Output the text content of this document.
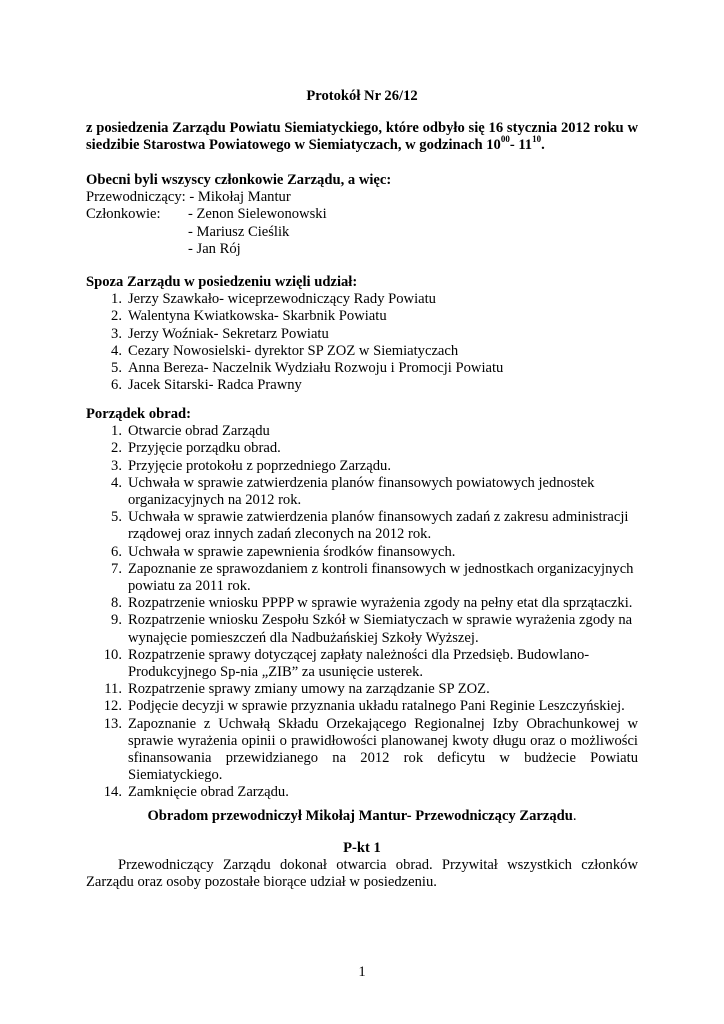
Protokół Nr 26/12
z posiedzenia Zarządu Powiatu Siemiatyckiego, które odbyło się 16 stycznia 2012 roku w siedzibie Starostwa Powiatowego w Siemiatyczach, w godzinach $10^{00}-$ $11^{10}$.
Obecni byli wszyscy członkowie Zarządu, a więc:
Przewodniczący: - Mikołaj Mantur
Członkowie: - Zenon Sielewonowski
- Mariusz Cieślik
- Jan Rój
Spoza Zarządu w posiedzeniu wzięli udział:
1. Jerzy Szawkało- wiceprzewodniczący Rady Powiatu
2. Walentyna Kwiatkowska- Skarbnik Powiatu
3. Jerzy Woźniak- Sekretarz Powiatu
4. Cezary Nowosielski- dyrektor SP ZOZ w Siemiatyczach
5. Anna Bereza- Naczelnik Wydziału Rozwoju i Promocji Powiatu
6. Jacek Sitarski- Radca Prawny
Porządek obrad:
1. Otwarcie obrad Zarządu
2. Przyjęcie porządku obrad.
3. Przyjęcie protokołu z poprzedniego Zarządu.
4. Uchwała w sprawie zatwierdzenia planów finansowych powiatowych jednostek organizacyjnych na 2012 rok.
5. Uchwała w sprawie zatwierdzenia planów finansowych zadań z zakresu administracji rządowej oraz innych zadań zleconych na 2012 rok.
6. Uchwała w sprawie zapewnienia środków finansowych.
7. Zapoznanie ze sprawozdaniem z kontroli finansowych w jednostkach organizacyjnych powiatu za 2011 rok.
8. Rozpatrzenie wniosku PPPP w sprawie wyrażenia zgody na pełny etat dla sprzątaczki.
9. Rozpatrzenie wniosku Zespołu Szkół w Siemiatyczach w sprawie wyrażenia zgody na wynajęcie pomieszczeń dla Nadbużańskiej Szkoły Wyższej.
10. Rozpatrzenie sprawy dotyczącej zapłaty należności dla Przedsięb. Budowlano-Produkcyjnego Sp-nia „ZIB” za usunięcie usterek.
11. Rozpatrzenie sprawy zmiany umowy na zarządzanie SP ZOZ.
12. Podjęcie decyzji w sprawie przyznania układu ratalnego Pani Reginie Leszczyńskiej.
13. Zapoznanie z Uchwałą Składu Orzekającego Regionalnej Izby Obrachunkowej w sprawie wyrażenia opinii o prawidłowości planowanej kwoty długu oraz o możliwości sfinansowania przewidzianego na 2012 rok deficytu w budżecie Powiatu Siemiatyckiego.
14. Zamknięcie obrad Zarządu.
Obradom przewodniczył Mikołaj Mantur- Przewodniczący Zarządu.
P-kt 1
Przewodniczący Zarządu dokonał otwarcia obrad. Przywitał wszystkich członków Zarządu oraz osoby pozostałe biorące udział w posiedzeniu.
1
